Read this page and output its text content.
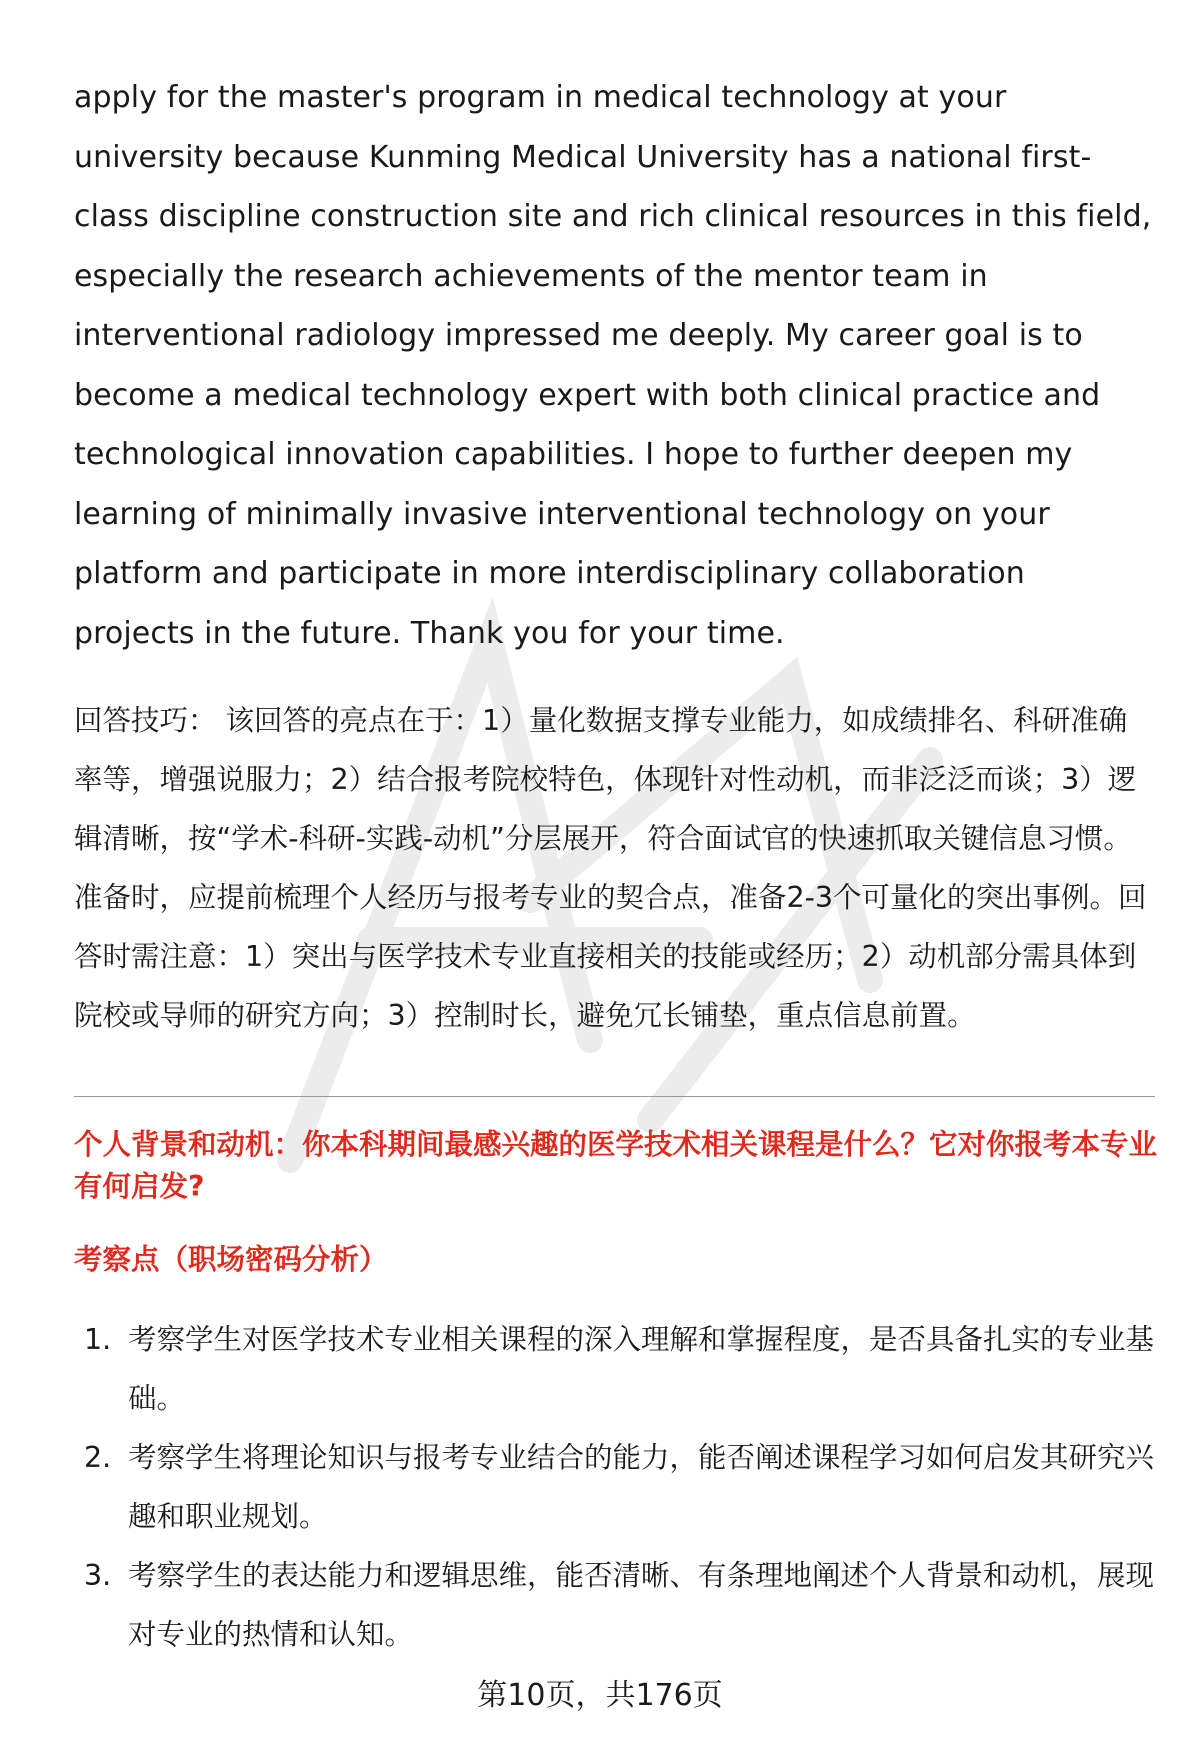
apply for the master's program in medical technology at your university because Kunming Medical University has a national first-class discipline construction site and rich clinical resources in this field, especially the research achievements of the mentor team in interventional radiology impressed me deeply. My career goal is to become a medical technology expert with both clinical practice and technological innovation capabilities. I hope to further deepen my learning of minimally invasive interventional technology on your platform and participate in more interdisciplinary collaboration projects in the future. Thank you for your time.

回答技巧： 该回答的亮点在于：1）量化数据支撑专业能力，如成绩排名、科研准确率等，增强说服力；2）结合报考院校特色，体现针对性动机，而非泛泛而谈；3）逻辑清晰，按“学术-科研-实践-动机”分层展开，符合面试官的快速抓取关键信息习惯。准备时，应提前梳理个人经历与报考专业的契合点，准备2-3个可量化的突出事例。回答时需注意：1）突出与医学技术专业直接相关的技能或经历；2）动机部分需具体到院校或导师的研究方向；3）控制时长，避免冗长铺垫，重点信息前置。

个人背景和动机：你本科期间最感兴趣的医学技术相关课程是什么？它对你报考本专业有何启发?

考察点（职场密码分析）

1. 考察学生对医学技术专业相关课程的深入理解和掌握程度，是否具备扎实的专业基础。
2. 考察学生将理论知识与报考专业结合的能力，能否阐述课程学习如何启发其研究兴趣和职业规划。
3. 考察学生的表达能力和逻辑思维，能否清晰、有条理地阐述个人背景和动机，展现对专业的热情和认知。
第10页，共176页
